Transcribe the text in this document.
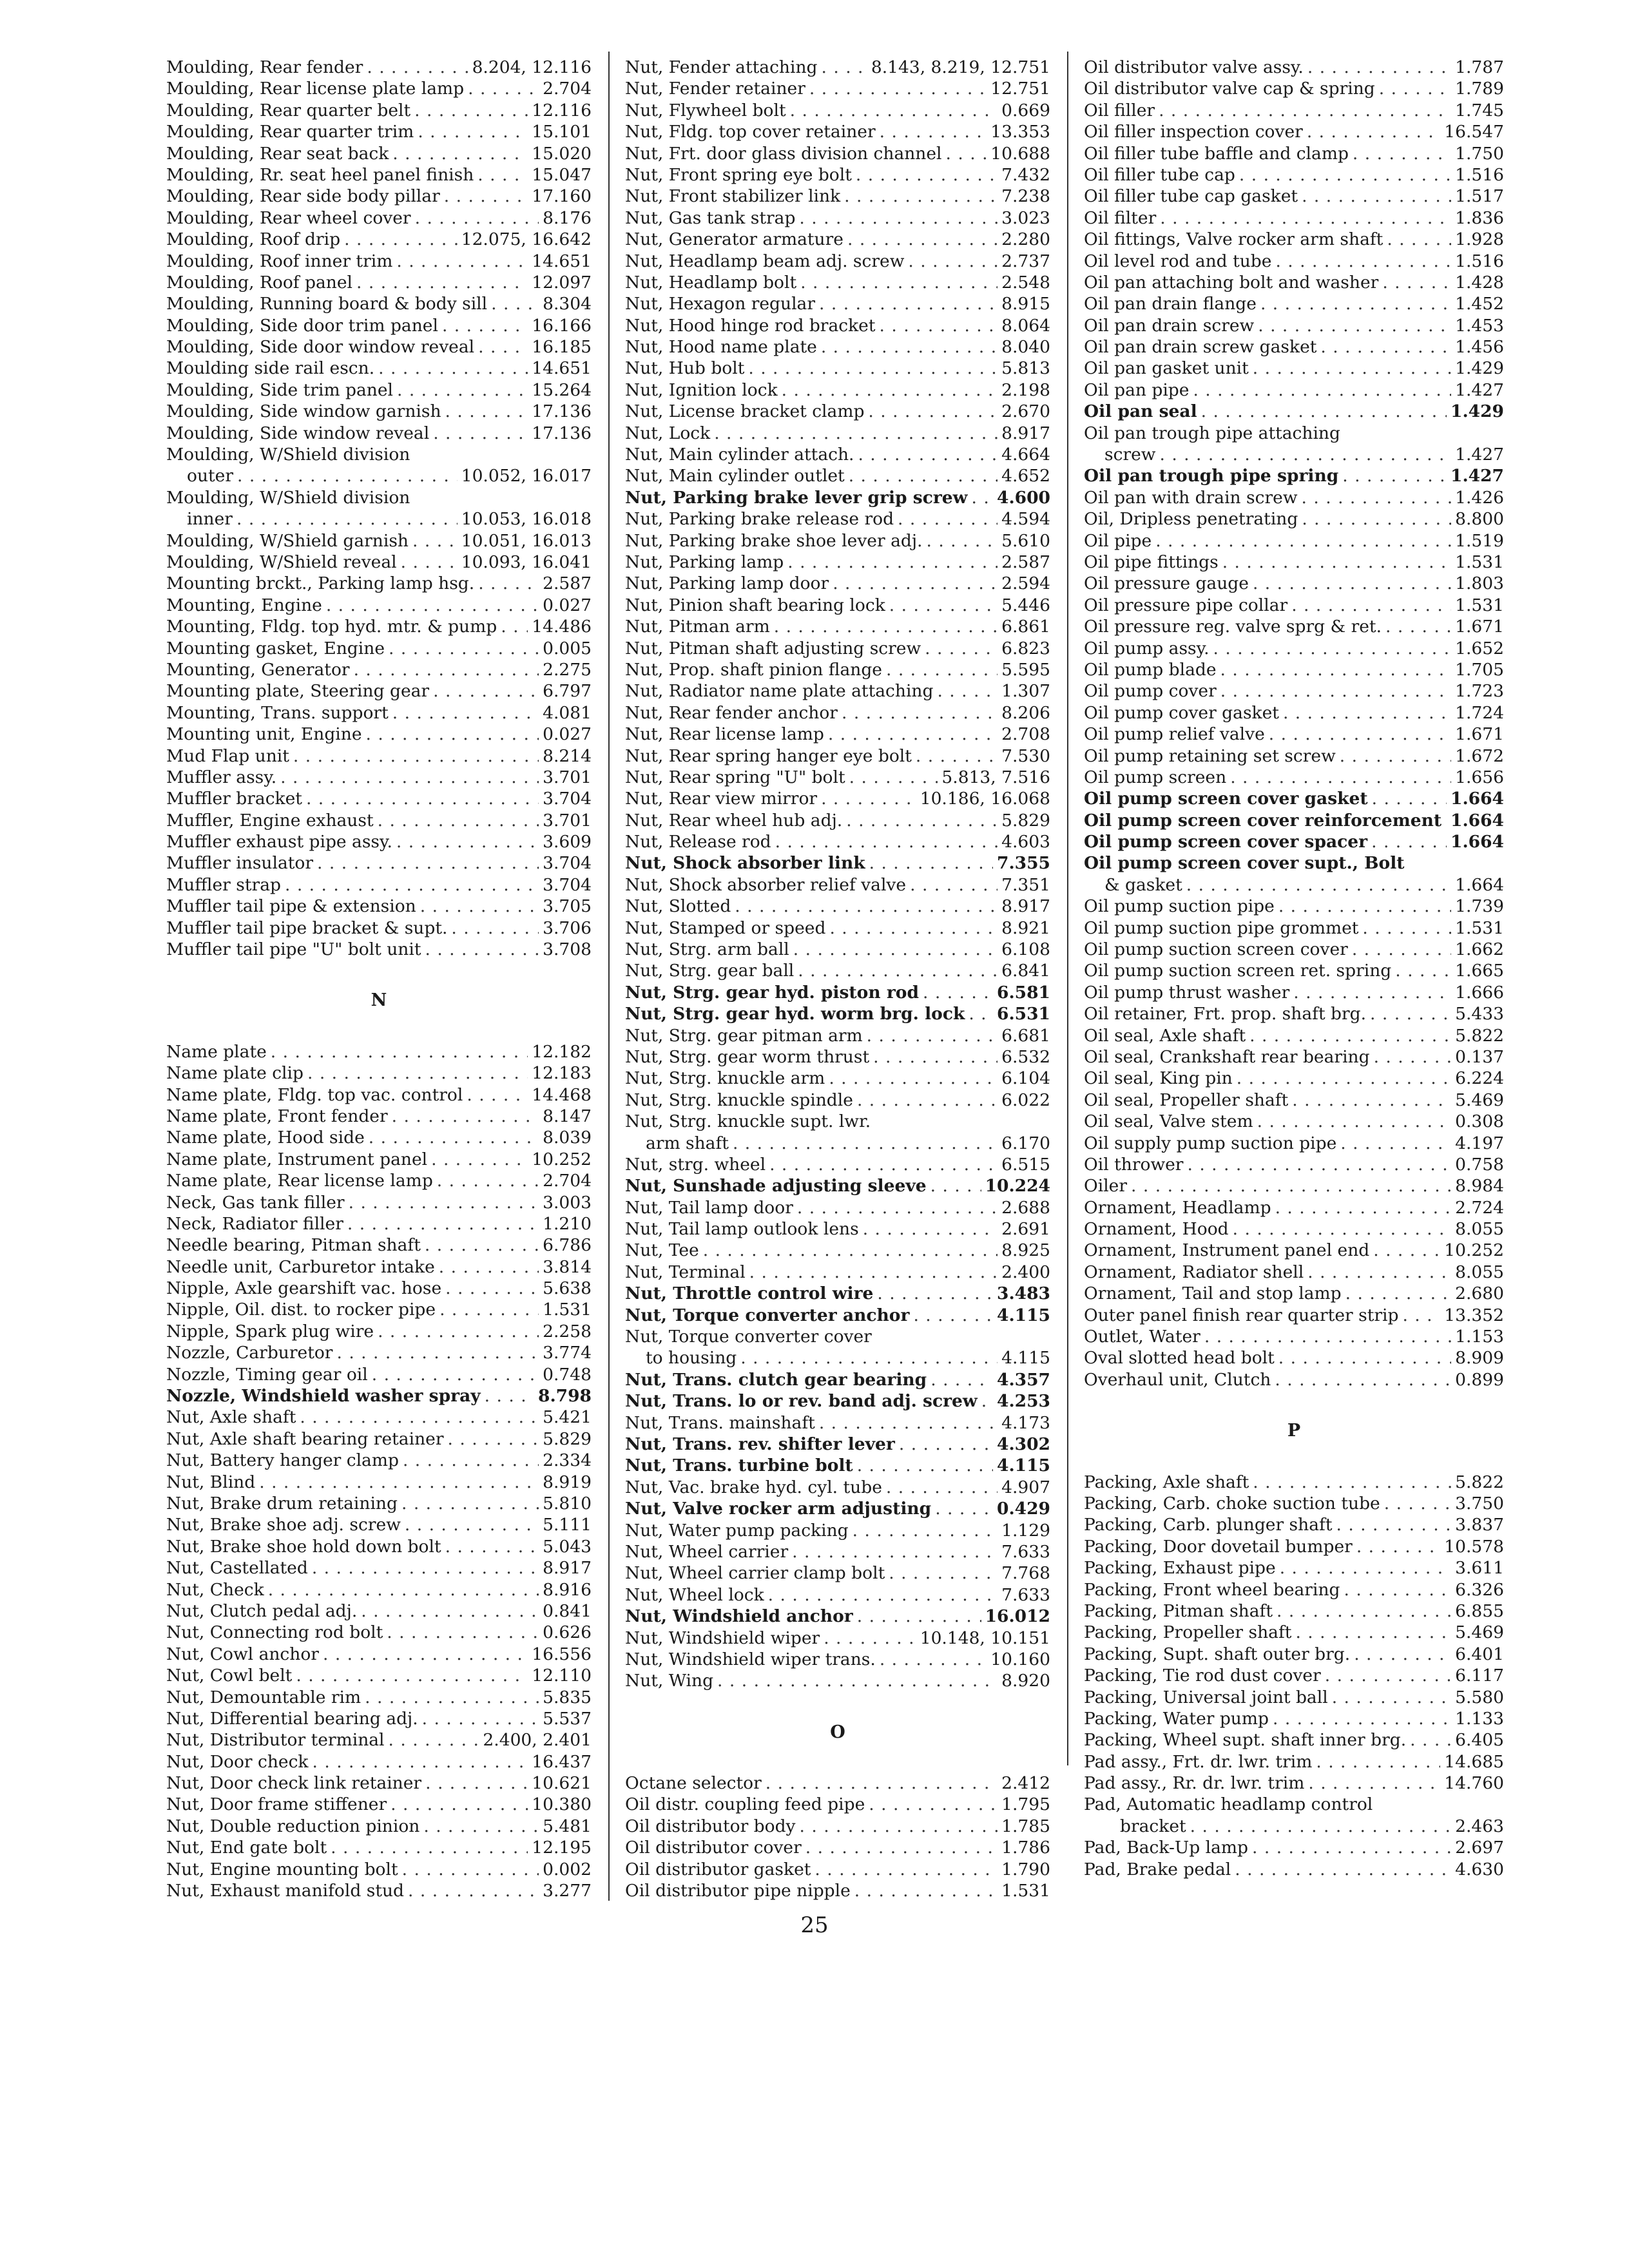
Moulding, Rear fender . . .	8.204, 12.116
Moulding, Rear license plate lamp . . .	2.704
Moulding, Rear quarter belt . . .	12.116
Moulding, Rear quarter trim . . .	15.101
Moulding, Rear seat back . . .	15.020
Moulding, Rr. seat heel panel finish . . .	15.047
Moulding, Rear side body pillar . . .	17.160
Moulding, Rear wheel cover . . .	8.176
Moulding, Roof drip . . .	12.075, 16.642
Moulding, Roof inner trim . . .	14.651
Moulding, Roof panel . . .	12.097
Moulding, Running board & body sill . . .	8.304
Moulding, Side door trim panel . . .	16.166
Moulding, Side door window reveal . . .	16.185
Moulding side rail escn. . . .	14.651
Moulding, Side trim panel . . .	15.264
Moulding, Side window garnish . . .	17.136
Moulding, Side window reveal . . .	17.136
Moulding, W/Shield division
outer . . .	10.052, 16.017
Moulding, W/Shield division
inner . . .	10.053, 16.018
Moulding, W/Shield garnish . . .	10.051, 16.013
Moulding, W/Shield reveal . . .	10.093, 16.041
Mounting brckt., Parking lamp hsg. . . .	2.587
Mounting, Engine . . .	0.027
Mounting, Fldg. top hyd. mtr. & pump . . . 14.486
Mounting gasket, Engine . . .	0.005
Mounting, Generator . . .	2.275
Mounting plate, Steering gear . . .	6.797
Mounting, Trans. support . . .	4.081
Mounting unit, Engine . . .	0.027
Mud Flap unit . . .	8.214
Muffler assy. . . .	3.701
Muffler bracket . . .	3.704
Muffler, Engine exhaust . . .	3.701
Muffler exhaust pipe assy. . . .	3.609
Muffler insulator . . .	3.704
Muffler strap . . .	3.704
Muffler tail pipe & extension . . .	3.705
Muffler tail pipe bracket & supt. . . .	3.706
Muffler tail pipe "U" bolt unit . . .	3.708
N
Name plate . . .	12.182
Name plate clip . . .	12.183
Name plate, Fldg. top vac. control . . .	14.468
Name plate, Front fender . . .	8.147
Name plate, Hood side . . .	8.039
Name plate, Instrument panel . . .	10.252
Name plate, Rear license lamp . . .	2.704
Neck, Gas tank filler . . .	3.003
Neck, Radiator filler . . .	1.210
Needle bearing, Pitman shaft . . .	6.786
Needle unit, Carburetor intake . . .	3.814
Nipple, Axle gearshift vac. hose . . .	5.638
Nipple, Oil. dist. to rocker pipe . . .	1.531
Nipple, Spark plug wire . . .	2.258
Nozzle, Carburetor . . .	3.774
Nozzle, Timing gear oil . . .	0.748
Nozzle, Windshield washer spray . . .	8.798
Nut, Axle shaft . . .	5.421
Nut, Axle shaft bearing retainer . . .	5.829
Nut, Battery hanger clamp . . .	2.334
Nut, Blind . . .	8.919
Nut, Brake drum retaining . . .	5.810
Nut, Brake shoe adj. screw . . .	5.111
Nut, Brake shoe hold down bolt . . .	5.043
Nut, Castellated . . .	8.917
Nut, Check . . .	8.916
Nut, Clutch pedal adj. . . .	0.841
Nut, Connecting rod bolt . . .	0.626
Nut, Cowl anchor . . .	16.556
Nut, Cowl belt . . .	12.110
Nut, Demountable rim . . .	5.835
Nut, Differential bearing adj. . . .	5.537
Nut, Distributor terminal . . .	2.400, 2.401
Nut, Door check . . .	16.437
Nut, Door check link retainer . . .	10.621
Nut, Door frame stiffener . . .	10.380
Nut, Double reduction pinion . . .	5.481
Nut, End gate bolt . . .	12.195
Nut, Engine mounting bolt . . .	0.002
Nut, Exhaust manifold stud . . .	3.277
Nut, Fender attaching . . .	8.143, 8.219, 12.751
Nut, Fender retainer . . .	12.751
Nut, Flywheel bolt . . .	0.669
Nut, Fldg. top cover retainer . . .	13.353
Nut, Frt. door glass division channel . . .	10.688
Nut, Front spring eye bolt . . .	7.432
Nut, Front stabilizer link . . .	7.238
Nut, Gas tank strap . . .	3.023
Nut, Generator armature . . .	2.280
Nut, Headlamp beam adj. screw . . .	2.737
Nut, Headlamp bolt . . .	2.548
Nut, Hexagon regular . . .	8.915
Nut, Hood hinge rod bracket . . .	8.064
Nut, Hood name plate . . .	8.040
Nut, Hub bolt . . .	5.813
Nut, Ignition lock . . .	2.198
Nut, License bracket clamp . . .	2.670
Nut, Lock . . .	8.917
Nut, Main cylinder attach. . . .	4.664
Nut, Main cylinder outlet . . .	4.652
Nut, Parking brake lever grip screw . . . 4.600
Nut, Parking brake release rod . . .	4.594
Nut, Parking brake shoe lever adj. . . .	5.610
Nut, Parking lamp . . .	2.587
Nut, Parking lamp door . . .	2.594
Nut, Pinion shaft bearing lock . . .	5.446
Nut, Pitman arm . . .	6.861
Nut, Pitman shaft adjusting screw . . .	6.823
Nut, Prop. shaft pinion flange . . .	5.595
Nut, Radiator name plate attaching . . .	1.307
Nut, Rear fender anchor . . .	8.206
Nut, Rear license lamp . . .	2.708
Nut, Rear spring hanger eye bolt . . .	7.530
Nut, Rear spring "U" bolt . . .	5.813, 7.516
Nut, Rear view mirror . . .	10.186, 16.068
Nut, Rear wheel hub adj. . . .	5.829
Nut, Release rod . . .	4.603
Nut, Shock absorber link . . .	7.355
Nut, Shock absorber relief valve . . .	7.351
Nut, Slotted . . .	8.917
Nut, Stamped or speed . . .	8.921
Nut, Strg. arm ball . . .	6.108
Nut, Strg. gear ball . . .	6.841
Nut, Strg. gear hyd. piston rod . . .	6.581
Nut, Strg. gear hyd. worm brg. lock . . . 6.531
Nut, Strg. gear pitman arm . . .	6.681
Nut, Strg. gear worm thrust . . .	6.532
Nut, Strg. knuckle arm . . .	6.104
Nut, Strg. knuckle spindle . . .	6.022
Nut, Strg. knuckle supt. lwr.
arm shaft . . .	6.170
Nut, strg. wheel . . .	6.515
Nut, Sunshade adjusting sleeve . . .	10.224
Nut, Tail lamp door . . .	2.688
Nut, Tail lamp outlook lens . . .	2.691
Nut, Tee . . .	8.925
Nut, Terminal . . .	2.400
Nut, Throttle control wire . . .	3.483
Nut, Torque converter anchor . . .	4.115
Nut, Torque converter cover
to housing . . .	4.115
Nut, Trans. clutch gear bearing . . .	4.357
Nut, Trans. lo or rev. band adj. screw . . . 4.253
Nut, Trans. mainshaft . . .	4.173
Nut, Trans. rev. shifter lever . . .	4.302
Nut, Trans. turbine bolt . . .	4.115
Nut, Vac. brake hyd. cyl. tube . . .	4.907
Nut, Valve rocker arm adjusting . . .	0.429
Nut, Water pump packing . . .	1.129
Nut, Wheel carrier . . .	7.633
Nut, Wheel carrier clamp bolt . . .	7.768
Nut, Wheel lock . . .	7.633
Nut, Windshield anchor . . .	16.012
Nut, Windshield wiper . . .	10.148, 10.151
Nut, Windshield wiper trans. . . .	10.160
Nut, Wing . . .	8.920
O
Octane selector . . .	2.412
Oil distr. coupling feed pipe . . .	1.795
Oil distributor body . . .	1.785
Oil distributor cover . . .	1.786
Oil distributor gasket . . .	1.790
Oil distributor pipe nipple . . .	1.531
Oil distributor valve assy. . . .	1.787
Oil distributor valve cap & spring . . .	1.789
Oil filler . . .	1.745
Oil filler inspection cover . . .	16.547
Oil filler tube baffle and clamp . . .	1.750
Oil filler tube cap . . .	1.516
Oil filler tube cap gasket . . .	1.517
Oil filter . . .	1.836
Oil fittings, Valve rocker arm shaft . . .	1.928
Oil level rod and tube . . .	1.516
Oil pan attaching bolt and washer . . .	1.428
Oil pan drain flange . . .	1.452
Oil pan drain screw . . .	1.453
Oil pan drain screw gasket . . .	1.456
Oil pan gasket unit . . .	1.429
Oil pan pipe . . .	1.427
Oil pan seal . . .	1.429
Oil pan trough pipe attaching
screw . . .	1.427
Oil pan trough pipe spring . . .	1.427
Oil pan with drain screw . . .	1.426
Oil, Dripless penetrating . . .	8.800
Oil pipe . . .	1.519
Oil pipe fittings . . .	1.531
Oil pressure gauge . . .	1.803
Oil pressure pipe collar . . .	1.531
Oil pressure reg. valve sprg & ret. . . .	1.671
Oil pump assy. . . .	1.652
Oil pump blade . . .	1.705
Oil pump cover . . .	1.723
Oil pump cover gasket . . .	1.724
Oil pump relief valve . . .	1.671
Oil pump retaining set screw . . .	1.672
Oil pump screen . . .	1.656
Oil pump screen cover gasket . . .	1.664
Oil pump screen cover reinforcement . . . 1.664
Oil pump screen cover spacer . . .	1.664
Oil pump screen cover supt., Bolt
& gasket . . .	1.664
Oil pump suction pipe . . .	1.739
Oil pump suction pipe grommet . . .	1.531
Oil pump suction screen cover . . .	1.662
Oil pump suction screen ret. spring . . .	1.665
Oil pump thrust washer . . .	1.666
Oil retainer, Frt. prop. shaft brg. . . .	5.433
Oil seal, Axle shaft . . .	5.822
Oil seal, Crankshaft rear bearing . . .	0.137
Oil seal, King pin . . .	6.224
Oil seal, Propeller shaft . . .	5.469
Oil seal, Valve stem . . .	0.308
Oil supply pump suction pipe . . .	4.197
Oil thrower . . .	0.758
Oiler . . .	8.984
Ornament, Headlamp . . .	2.724
Ornament, Hood . . .	8.055
Ornament, Instrument panel end . . .	10.252
Ornament, Radiator shell . . .	8.055
Ornament, Tail and stop lamp . . .	2.680
Outer panel finish rear quarter strip . . .	13.352
Outlet, Water . . .	1.153
Oval slotted head bolt . . .	8.909
Overhaul unit, Clutch . . .	0.899
P
Packing, Axle shaft . . .	5.822
Packing, Carb. choke suction tube . . .	3.750
Packing, Carb. plunger shaft . . .	3.837
Packing, Door dovetail bumper . . .	10.578
Packing, Exhaust pipe . . .	3.611
Packing, Front wheel bearing . . .	6.326
Packing, Pitman shaft . . .	6.855
Packing, Propeller shaft . . .	5.469
Packing, Supt. shaft outer brg. . . .	6.401
Packing, Tie rod dust cover . . .	6.117
Packing, Universal joint ball . . .	5.580
Packing, Water pump . . .	1.133
Packing, Wheel supt. shaft inner brg. . . .	6.405
Pad assy., Frt. dr. lwr. trim . . .	14.685
Pad assy., Rr. dr. lwr. trim . . .	14.760
Pad, Automatic headlamp control
bracket . . .	2.463
Pad, Back-Up lamp . . .	2.697
Pad, Brake pedal . . .	4.630
25
